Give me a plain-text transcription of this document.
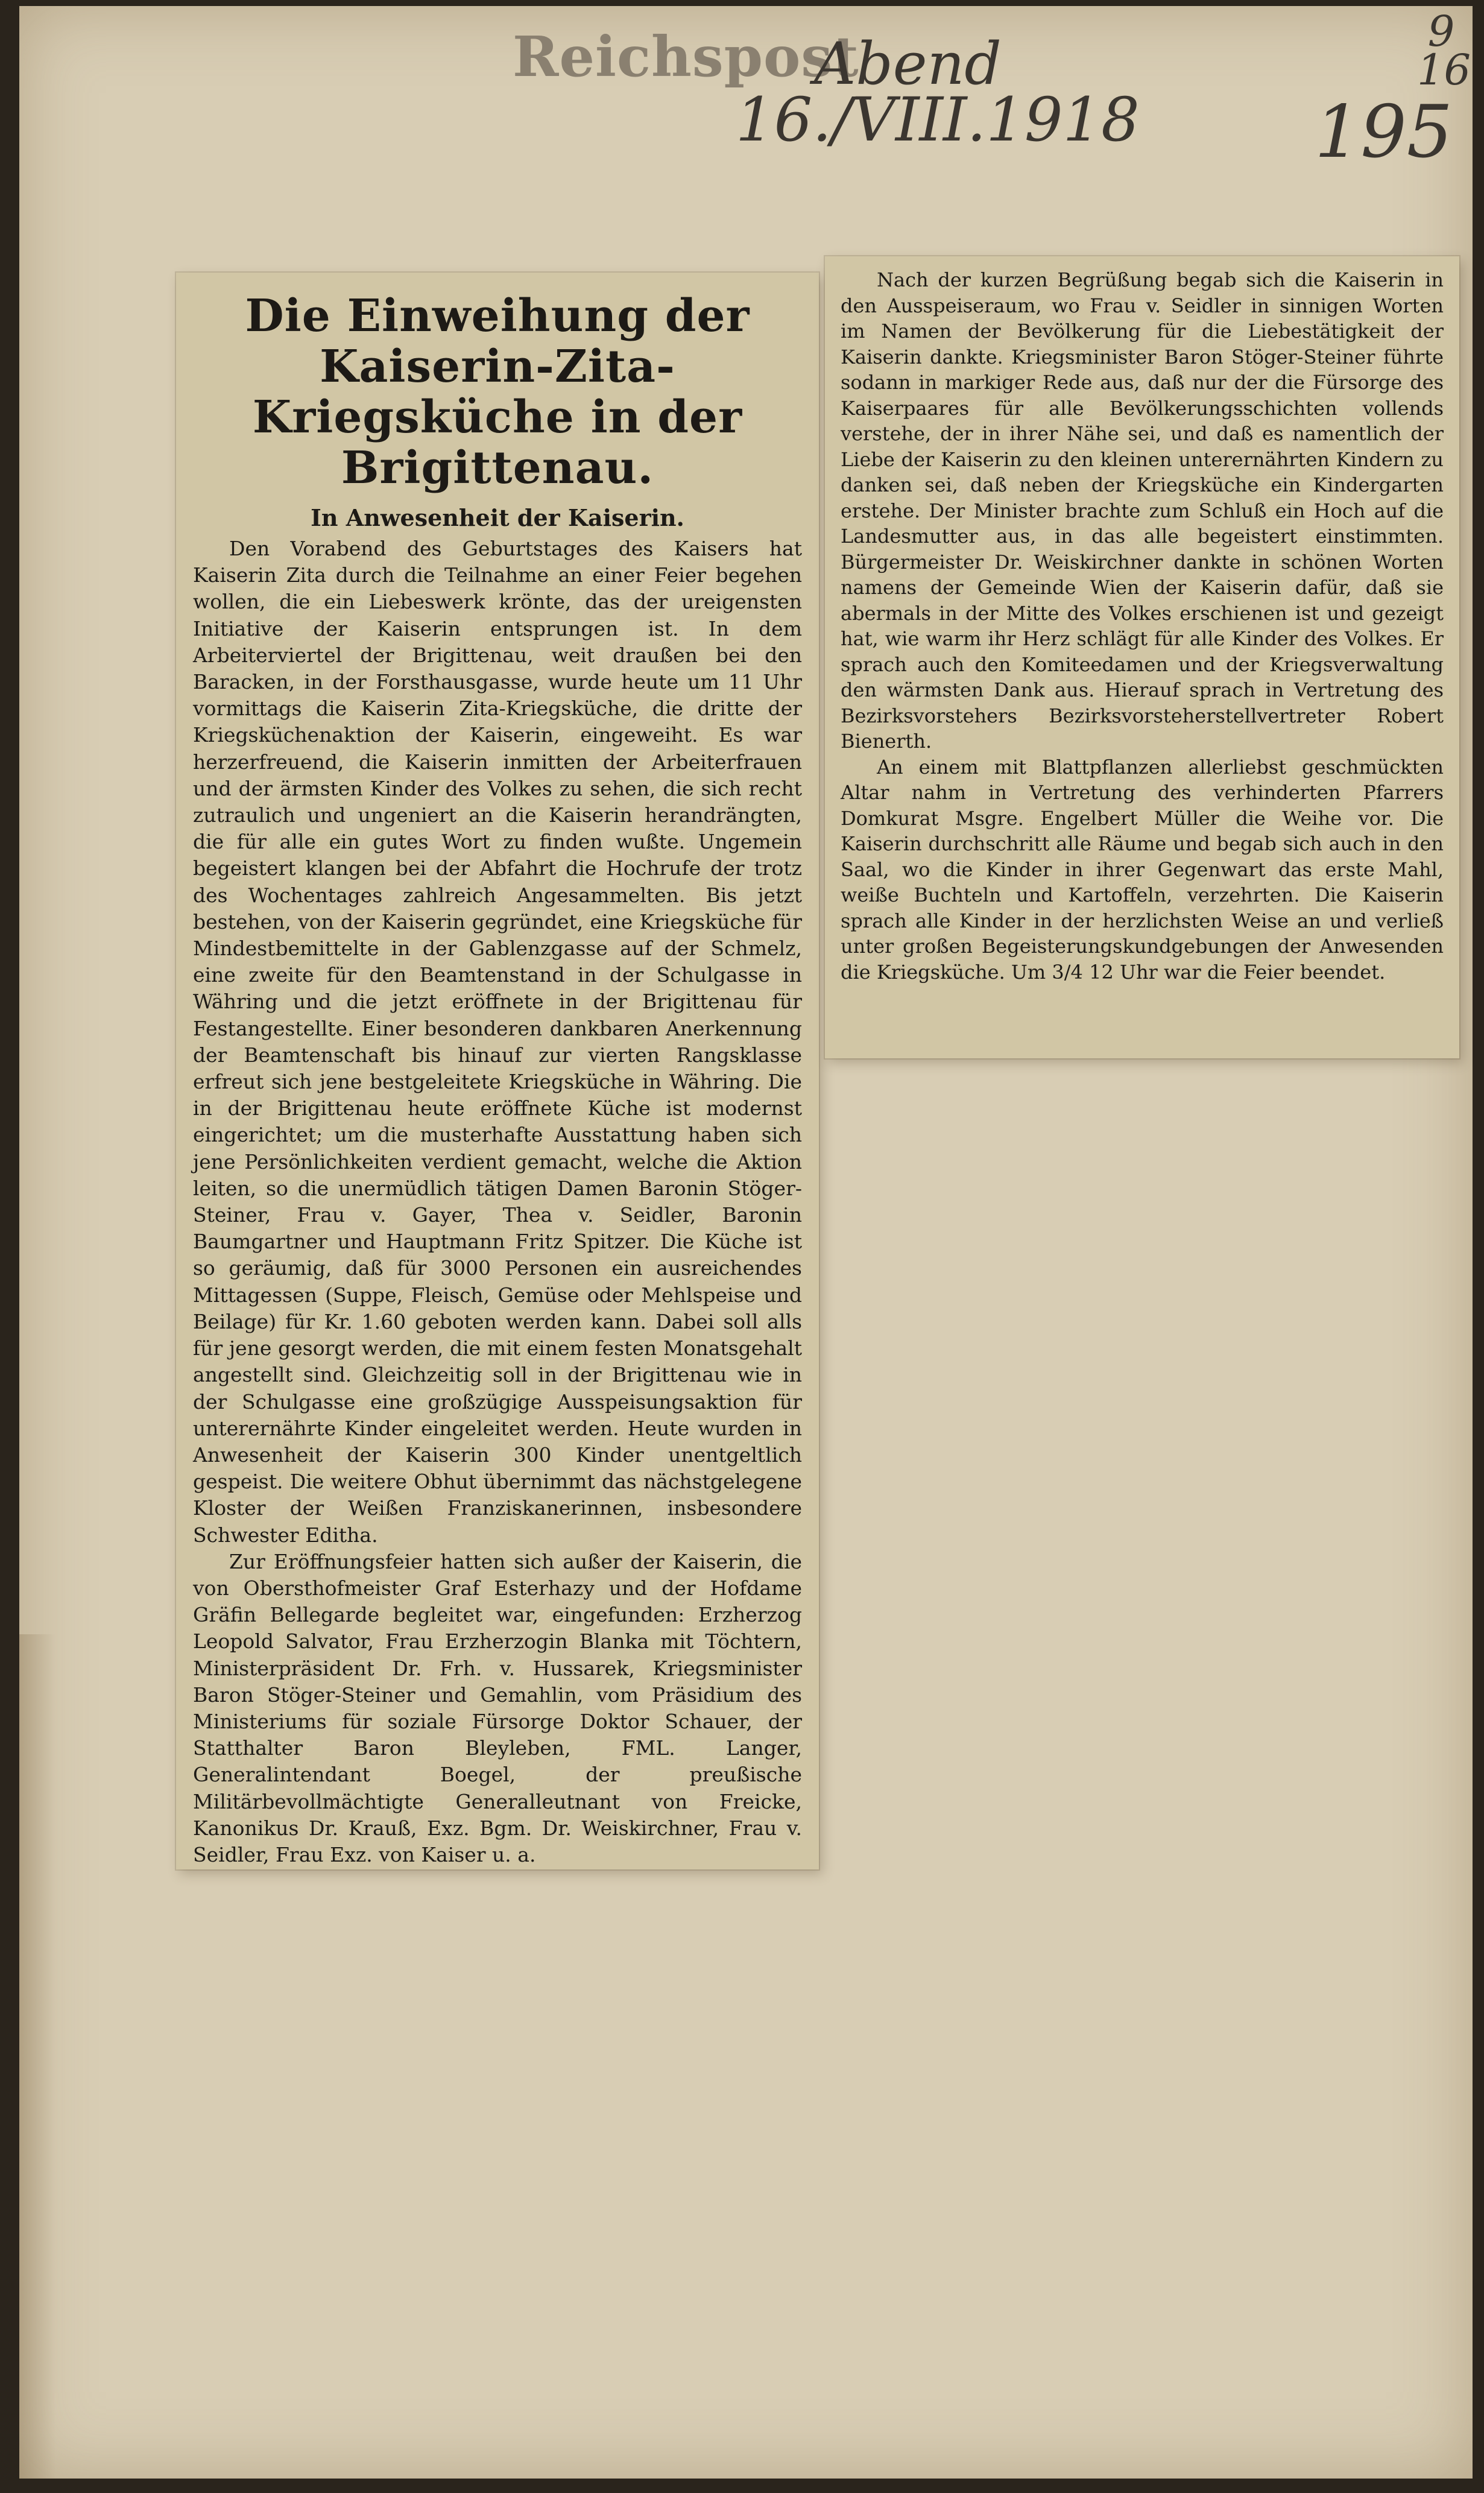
Reichspost
Abend
16./VIII.1918 195
9 16
Die Einweihung der Kaiserin-Zita-Kriegsküche in der Brigittenau.
In Anwesenheit der Kaiserin.

Den Vorabend des Geburtstages des Kaisers hat Kaiserin Zita durch die Teilnahme an einer Feier begehen wollen, die ein Liebeswerk krönte, das der ureigensten Initiative der Kaiserin entsprungen ist. In dem Arbeiterviertel der Brigittenau, weit draußen bei den Baracken, in der Forsthausgasse, wurde heute um 11 Uhr vormittags die Kaiserin Zita-Kriegsküche, die dritte der Kriegsküchenaktion der Kaiserin, eingeweiht. Es war herzerfreuend, die Kaiserin inmitten der Arbeiterfrauen und der ärmsten Kinder des Volkes zu sehen, die sich recht zutraulich und ungeniert an die Kaiserin herandrängten, die für alle ein gutes Wort zu finden wußte. Ungemein begeistert klangen bei der Abfahrt die Hochrufe der trotz des Wochentages zahlreich Angesammelten. Bis jetzt bestehen, von der Kaiserin gegründet, eine Kriegsküche für Mindestbemittelte in der Gablenzgasse auf der Schmelz, eine zweite für den Beamtenstand in der Schulgasse in Währing und die jetzt eröffnete in der Brigittenau für Festangestellte. Einer besonderen dankbaren Anerkennung der Beamtenschaft bis hinauf zur vierten Rangsklasse erfreut sich jene bestgeleitete Kriegsküche in Währing. Die in der Brigittenau heute eröffnete Küche ist modernst eingerichtet; um die musterhafte Ausstattung haben sich jene Persönlichkeiten verdient gemacht, welche die Aktion leiten, so die unermüdlich tätigen Damen Baronin Stöger-Steiner, Frau v. Gayer, Thea v. Seidler, Baronin Baumgartner und Hauptmann Fritz Spitzer. Die Küche ist so geräumig, daß für 3000 Personen ein ausreichendes Mittagessen (Suppe, Fleisch, Gemüse oder Mehlspeise und Beilage) für Kr. 1.60 geboten werden kann. Dabei soll alls für jene gesorgt werden, die mit einem festen Monatsgehalt angestellt sind. Gleichzeitig soll in der Brigittenau wie in der Schulgasse eine großzügige Ausspeisungsaktion für unterernährte Kinder eingeleitet werden. Heute wurden in Anwesenheit der Kaiserin 300 Kinder unentgeltlich gespeist. Die weitere Obhut übernimmt das nächstgelegene Kloster der Weißen Franziskanerinnen, insbesondere Schwester Editha.

Zur Eröffnungsfeier hatten sich außer der Kaiserin, die von Obersthofmeister Graf Esterhazy und der Hofdame Gräfin Bellegarde begleitet war, eingefunden: Erzherzog Leopold Salvator, Frau Erzherzogin Blanka mit Töchtern, Ministerpräsident Dr. Frh. v. Hussarek, Kriegsminister Baron Stöger-Steiner und Gemahlin, vom Präsidium des Ministeriums für soziale Fürsorge Doktor Schauer, der Statthalter Baron Bleyleben, FML. Langer, Generalintendant Boegel, der preußische Militärbevollmächtigte Generalleutnant von Freicke, Kanonikus Dr. Krauß, Exz. Bgm. Dr. Weiskirchner, Frau v. Seidler, Frau Exz. von Kaiser u. a.

Nach der kurzen Begrüßung begab sich die Kaiserin in den Ausspeiseraum, wo Frau v. Seidler in sinnigen Worten im Namen der Bevölkerung für die Liebestätigkeit der Kaiserin dankte. Kriegsminister Baron Stöger-Steiner führte sodann in markiger Rede aus, daß nur der die Fürsorge des Kaiserpaares für alle Bevölkerungsschichten vollends verstehe, der in ihrer Nähe sei, und daß es namentlich der Liebe der Kaiserin zu den kleinen unterernährten Kindern zu danken sei, daß neben der Kriegsküche ein Kindergarten erstehe. Der Minister brachte zum Schluß ein Hoch auf die Landesmutter aus, in das alle begeistert einstimmten. Bürgermeister Dr. Weiskirchner dankte in schönen Worten namens der Gemeinde Wien der Kaiserin dafür, daß sie abermals in der Mitte des Volkes erschienen ist und gezeigt hat, wie warm ihr Herz schlägt für alle Kinder des Volkes. Er sprach auch den Komiteedamen und der Kriegsverwaltung den wärmsten Dank aus. Hierauf sprach in Vertretung des Bezirksvorstehers Bezirksvorsteherstellvertreter Robert Bienerth.

An einem mit Blattpflanzen allerliebst geschmückten Altar nahm in Vertretung des verhinderten Pfarrers Domkurat Msgre. Engelbert Müller die Weihe vor. Die Kaiserin durchschritt alle Räume und begab sich auch in den Saal, wo die Kinder in ihrer Gegenwart das erste Mahl, weiße Buchteln und Kartoffeln, verzehrten. Die Kaiserin sprach alle Kinder in der herzlichsten Weise an und verließ unter großen Begeisterungskundgebungen der Anwesenden die Kriegsküche. Um 3/4 12 Uhr war die Feier beendet.
